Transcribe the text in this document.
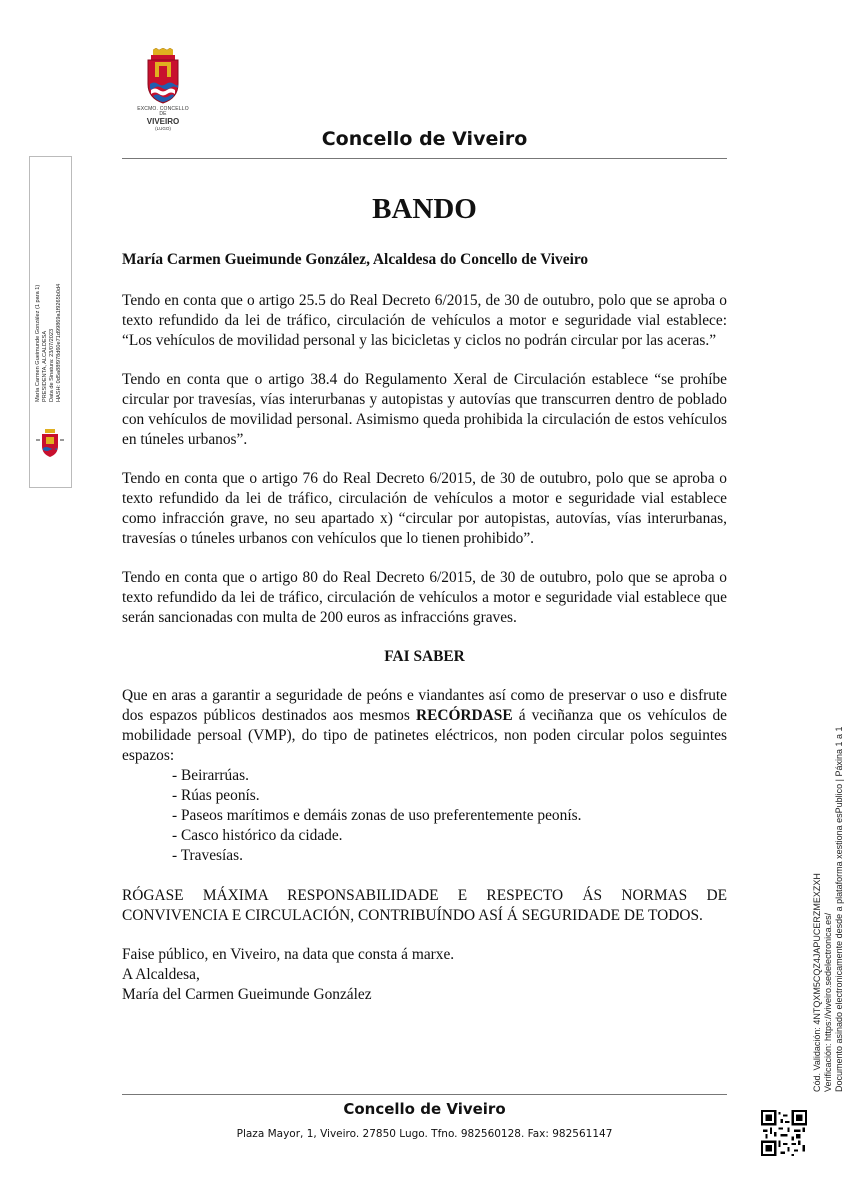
EXCMO. CONCELLO DE
VIVEIRO
(LUGO)	Concello de Viveiro
María Carmen Gueimunde González (1 para 1) PRESIDENTA, ALCALDESA Data de Sinatura: 23/07/2023 HASH: 0d5a88f978d60e71d99869a1f9265b0d4
BANDO

María Carmen Gueimunde González, Alcaldesa do Concello de Viveiro

Tendo en conta que o artigo 25.5 do Real Decreto 6/2015, de 30 de outubro, polo que se aproba o texto refundido da lei de tráfico, circulación de vehículos a motor e seguridade vial establece: “Los vehículos de movilidad personal y las bicicletas y ciclos no podrán circular por las aceras.”

Tendo en conta que o artigo 38.4 do Regulamento Xeral de Circulación establece “se prohíbe circular por travesías, vías interurbanas y autopistas y autovías que transcurren dentro de poblado con vehículos de movilidad personal. Asimismo queda prohibida la circulación de estos vehículos en túneles urbanos”.

Tendo en conta que o artigo 76 do Real Decreto 6/2015, de 30 de outubro, polo que se aproba o texto refundido da lei de tráfico, circulación de vehículos a motor e seguridade vial establece como infracción grave, no seu apartado x) “circular por autopistas, autovías, vías interurbanas, travesías o túneles urbanos con vehículos que lo tienen prohibido”.

Tendo en conta que o artigo 80 do Real Decreto 6/2015, de 30 de outubro, polo que se aproba o texto refundido da lei de tráfico, circulación de vehículos a motor e seguridade vial establece que serán sancionadas con multa de 200 euros as infraccións graves.

FAI SABER

Que en aras a garantir a seguridade de peóns e viandantes así como de preservar o uso e disfrute dos espazos públicos destinados aos mesmos RECÓRDASE á veciñanza que os vehículos de mobilidade persoal (VMP), do tipo de patinetes eléctricos, non poden circular polos seguintes espazos:

- Beirarrúas.
- Rúas peonís.
- Paseos marítimos e demáis zonas de uso preferentemente peonís.
- Casco histórico da cidade.
- Travesías.

RÓGASE MÁXIMA RESPONSABILIDADE E RESPECTO ÁS NORMAS DE CONVIVENCIA E CIRCULACIÓN, CONTRIBUÍNDO ASÍ Á SEGURIDADE DE TODOS.

Faise público, en Viveiro, na data que consta á marxe.

A Alcaldesa,

María del Carmen Gueimunde González

Concello de Viveiro
Plaza Mayor, 1, Viveiro. 27850 Lugo. Tfno. 982560128. Fax: 982561147
Cód. Validación: 4NTQXM5CQZ4JAPUCERZMEXZXH Verificación: https://viveiro.sedelectronica.es/ Documento asinado electronicamente desde a plataforma xestiona esPublico | Páxina 1 a 1
